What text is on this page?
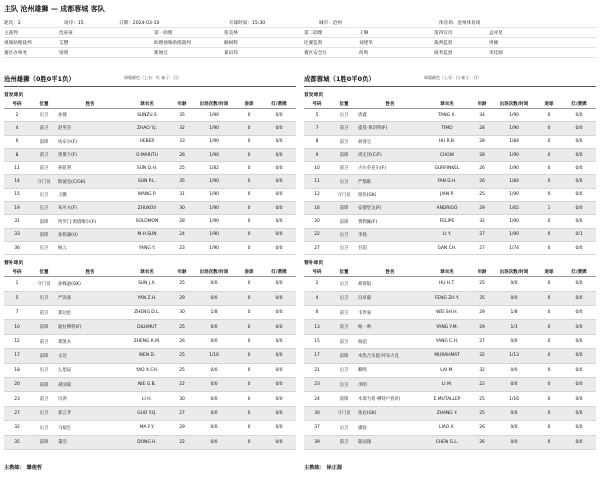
主队 沧州雄狮 — 成都蓉城 客队
轮次：2	场序：15	日期：2024-03-10	开球时间：15:30	城市：沧州	体育场：沧州体育场
主裁判	沈寅豪	第一助理	张美林	第二助理	王琳	第四官员	孟祥昆
视频助理裁判	艾懋	助理视频助理裁判	解树辉	比赛监督	刘建华	裁判监督	周刚
赛区办事务	梁明	新闻官	翟田伟	赛区安全官	何鸣	商务监督	米佳晴
沧州雄狮（0胜0平1负）	球服颜色（上衣：红 袜子：白）
首发球员
号码	位置	姓名	球衣名	年龄	出场次数/时间	进球	红/黄牌
2	后卫	孙捷	SUNZU.S	35	1/90	0	0/0
4	前卫	赵英杰	ZHAO Y.J.	32	1/90	0	0/0
6	前锋	埃布尔(F)	HEBER	33	1/90	0	0/0
8	前卫	奥斯卡(F)	O.MARITU	26	1/90	0	0/0
11	前卫	孙乾明	SUN Q.H.	25	1/82	0	0/0
14	守门员	斯彼克(C/GK)	SUN P.L.	35	1/90	0	0/0
15	后卫	王鹏	WANG P.	31	1/90	0	0/0
19	后卫	朱可夫(F)	ZHUKOV	30	1/90	0	0/0
31	前锋	所罗门·奥塔维尔(F)	SOLOMON	28	1/90	0	0/0
33	前锋	孙铭谦(U)	M.H.SUN	24	1/90	0	0/0
36	后卫	杨云	YANG Y.	23	1/90	0	0/0
替补球员
号码	位置	姓名	球衣名	年龄	出场次数/时间	进球	红/黄牌
1	守门员	孙姝逊(GK)	SUN J.X.	25	0/0	0	0/0
5	后卫	严泽豪	YAN Z.H.	29	0/0	0	0/0
7	前卫	郑达伦	ZHENG D.L.	30	1/8	0	0/0
10	前锋	迪拉穆特(F)	DILUMUT	25	0/0	0	0/0
12	前卫	郑凯木	ZHENG K.M.	26	0/0	0	0/0
17	前锋	文达	WEN D.	25	1/16	0	0/0
18	后卫	么旭辰	YAO X.CH.	25	0/0	0	0/0
20	前锋	聂国斌	NIE G.B.	22	0/0	0	0/0
23	前卫	历鸿	LI H.	30	0/0	0	0/0
27	后卫	郭言齐	GUO Y.Q.	27	0/0	0	0/0
32	后卫	马福生	MA F.Y.	29	0/0	0	0/0
35	前锋	董浩	DONG H.	22	0/0	0	0/0
成都蓉城（1胜0平0负）	球服颜色（上衣：白 袜子：白）
首发球员
号码	位置	姓名	球衣名	年龄	出场次数/时间	进球	红/黄牌
5	后卫	唐鑫	TANG X.	34	1/90	0	0/0
7	前卫	提莫·莱切特(F)	TIMO	28	1/90	0	0/0
8	前卫	胡睿宝	HU R.B.	28	1/84	0	0/0
9	前锋	周定洋(C/F)	CHOW	28	1/90	0	0/0
10	前卫	古尔芬克尔(F)	GURFINKEL	26	1/90	0	0/0
11	后卫	严鼎皓	YAN D.H.	26	1/84	0	0/0
12	守门员	简彭(GK)	JIAN P.	25	1/90	0	0/0
16	前锋	安德里戈(F)	ANDRIGO	29	1/65	1	0/0
20	前锋	费利佩(F)	FELIPE	32	1/90	0	0/0
22	后卫	李扬	LI Y.	27	1/90	0	0/1
27	后卫	甘超	GAN CH.	27	1/74	0	0/0
替补球员
号码	位置	姓名	球衣名	年龄	出场次数/时间	进球	红/黄牌
2	后卫	胡荷韬	HU H.T.	25	0/0	0	0/0
4	后卫	冯卓毅	FENG ZH.Y.	35	0/0	0	0/0
6	前卫	韦世豪	WEI SH.H.	29	1/8	0	0/0
13	前卫	杨一鸣	YANG Y.M.	29	1/3	0	0/0
15	前卫	杨超	YANG C.H.	27	0/0	0	0/0
17	前锋	木热合买提·阿布力克	MURAHMAT	32	1/13	0	0/0
21	后卫	赖鸣	LAI M.	32	0/0	0	0/0
23	后卫	李明	LI M.	22	0/0	0	0/0
24	前锋	木瑞力希·穆特卢普(F)	E.MUTALLEP	25	1/16	0	0/0
30	守门员	张岩(GK)	ZHANG Y.	25	0/0	0	0/0
37	后卫	廖骁	LIAO X.	26	0/0	0	0/0
39	前卫	陈国康	CHEN G.L.	26	0/0	0	0/0
主教练： 肇俊哲	主教练： 徐正源
